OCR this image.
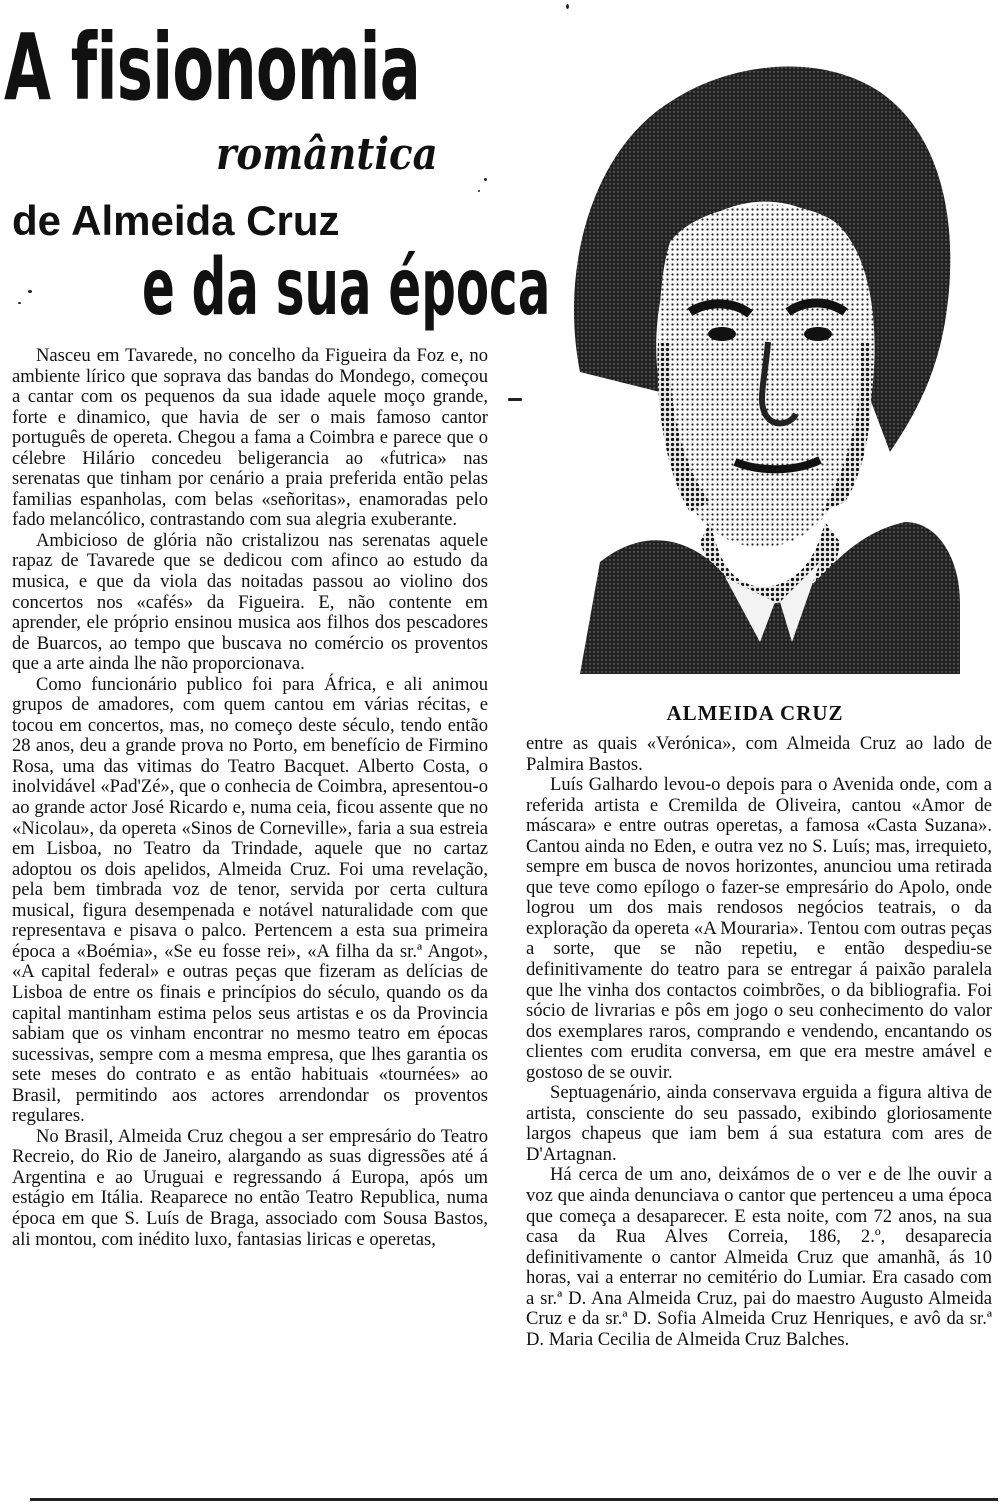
A fisionomia
romântica
de Almeida Cruz
e da sua época
ALMEIDA CRUZ

Nasceu em Tavarede, no concelho da Figueira da Foz e, no ambiente lírico que soprava das bandas do Mondego, começou a cantar com os pequenos da sua idade aquele moço grande, forte e dinamico, que havia de ser o mais famoso cantor português de opereta. Chegou a fama a Coimbra e parece que o célebre Hilário concedeu beligerancia ao «futrica» nas serenatas que tinham por cenário a praia preferida então pelas familias espanholas, com belas «señoritas», enamoradas pelo fado melancólico, contrastando com sua alegria exuberante.

Ambicioso de glória não cristalizou nas serenatas aquele rapaz de Tavarede que se dedicou com afinco ao estudo da musica, e que da viola das noitadas passou ao violino dos concertos nos «cafés» da Figueira. E, não contente em aprender, ele próprio ensinou musica aos filhos dos pescadores de Buarcos, ao tempo que buscava no comércio os proventos que a arte ainda lhe não proporcionava.

Como funcionário publico foi para África, e ali animou grupos de amadores, com quem cantou em várias récitas, e tocou em concertos, mas, no começo deste século, tendo então 28 anos, deu a grande prova no Porto, em benefício de Firmino Rosa, uma das vitimas do Teatro Bacquet. Alberto Costa, o inolvidável «Pad'Zé», que o conhecia de Coimbra, apresentou-o ao grande actor José Ricardo e, numa ceia, ficou assente que no «Nicolau», da opereta «Sinos de Corneville», faria a sua estreia em Lisboa, no Teatro da Trindade, aquele que no cartaz adoptou os dois apelidos, Almeida Cruz. Foi uma revelação, pela bem timbrada voz de tenor, servida por certa cultura musical, figura desempenada e notável naturalidade com que representava e pisava o palco. Pertencem a esta sua primeira época a «Boémia», «Se eu fosse rei», «A filha da sr.ª Angot», «A capital federal» e outras peças que fizeram as delícias de Lisboa de entre os finais e princípios do século, quando os da capital mantinham estima pelos seus artistas e os da Provincia sabiam que os vinham encontrar no mesmo teatro em épocas sucessivas, sempre com a mesma empresa, que lhes garantia os sete meses do contrato e as então habituais «tournées» ao Brasil, permitindo aos actores arrendondar os proventos regulares.

No Brasil, Almeida Cruz chegou a ser empresário do Teatro Recreio, do Rio de Janeiro, alargando as suas digressões até á Argentina e ao Uruguai e regressando á Europa, após um estágio em Itália. Reaparece no então Teatro Republica, numa época em que S. Luís de Braga, associado com Sousa Bastos, ali montou, com inédito luxo, fantasias liricas e operetas,

entre as quais «Verónica», com Almeida Cruz ao lado de Palmira Bastos.

Luís Galhardo levou-o depois para o Avenida onde, com a referida artista e Cremilda de Oliveira, cantou «Amor de máscara» e entre outras operetas, a famosa «Casta Suzana». Cantou ainda no Eden, e outra vez no S. Luís; mas, irrequieto, sempre em busca de novos horizontes, anunciou uma retirada que teve como epílogo o fazer-se empresário do Apolo, onde logrou um dos mais rendosos negócios teatrais, o da exploração da opereta «A Mouraria». Tentou com outras peças a sorte, que se não repetiu, e então despediu-se definitivamente do teatro para se entregar á paixão paralela que lhe vinha dos contactos coimbrões, o da bibliografia. Foi sócio de livrarias e pôs em jogo o seu conhecimento do valor dos exemplares raros, comprando e vendendo, encantando os clientes com erudita conversa, em que era mestre amável e gostoso de se ouvir.

Septuagenário, ainda conservava erguida a figura altiva de artista, consciente do seu passado, exibindo gloriosamente largos chapeus que iam bem á sua estatura com ares de D'Artagnan.

Há cerca de um ano, deixámos de o ver e de lhe ouvir a voz que ainda denunciava o cantor que pertenceu a uma época que começa a desaparecer. E esta noite, com 72 anos, na sua casa da Rua Alves Correia, 186, 2.º, desaparecia definitivamente o cantor Almeida Cruz que amanhã, ás 10 horas, vai a enterrar no cemitério do Lumiar. Era casado com a sr.ª D. Ana Almeida Cruz, pai do maestro Augusto Almeida Cruz e da sr.ª D. Sofia Almeida Cruz Henriques, e avô da sr.ª D. Maria Cecilia de Almeida Cruz Balches.
